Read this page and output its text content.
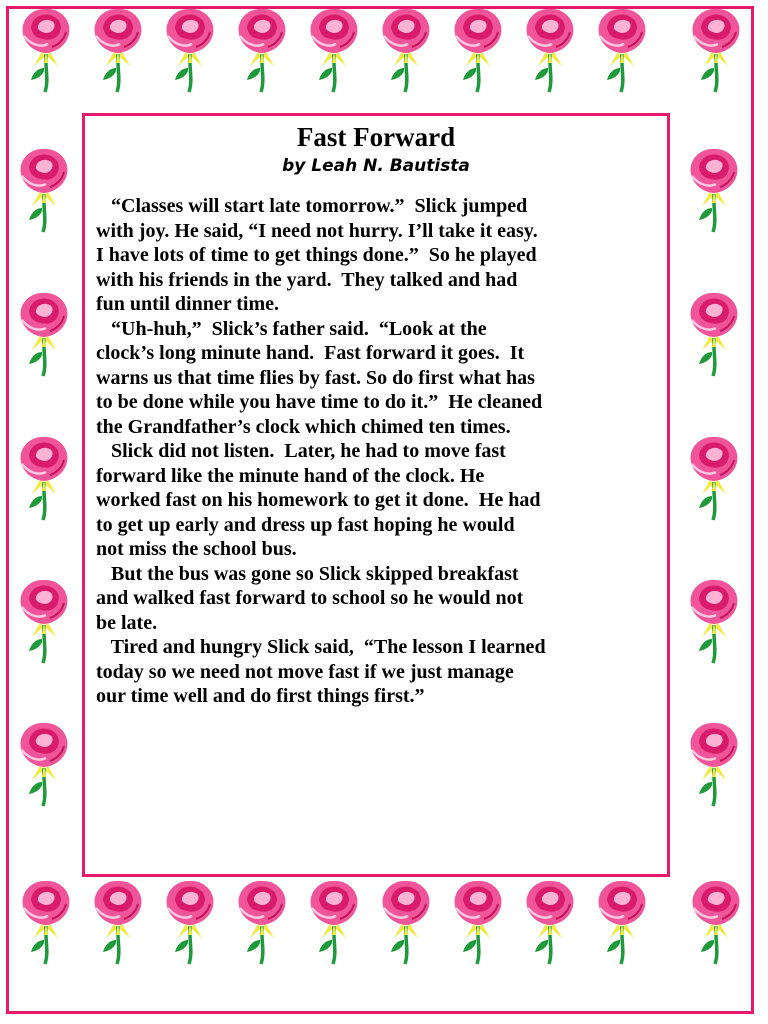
Fast Forward
by Leah N. Bautista
“Classes will start late tomorrow.”  Slick jumped
with joy. He said, “I need not hurry. I’ll take it easy.
I have lots of time to get things done.”  So he played
with his friends in the yard.  They talked and had
fun until dinner time.
“Uh-huh,”  Slick’s father said.  “Look at the
clock’s long minute hand.  Fast forward it goes.  It
warns us that time flies by fast. So do first what has
to be done while you have time to do it.”  He cleaned
the Grandfather’s clock which chimed ten times.
Slick did not listen.  Later, he had to move fast
forward like the minute hand of the clock. He
worked fast on his homework to get it done.  He had
to get up early and dress up fast hoping he would
not miss the school bus.
But the bus was gone so Slick skipped breakfast
and walked fast forward to school so he would not
be late.
Tired and hungry Slick said,  “The lesson I learned
today so we need not move fast if we just manage
our time well and do first things first.”
